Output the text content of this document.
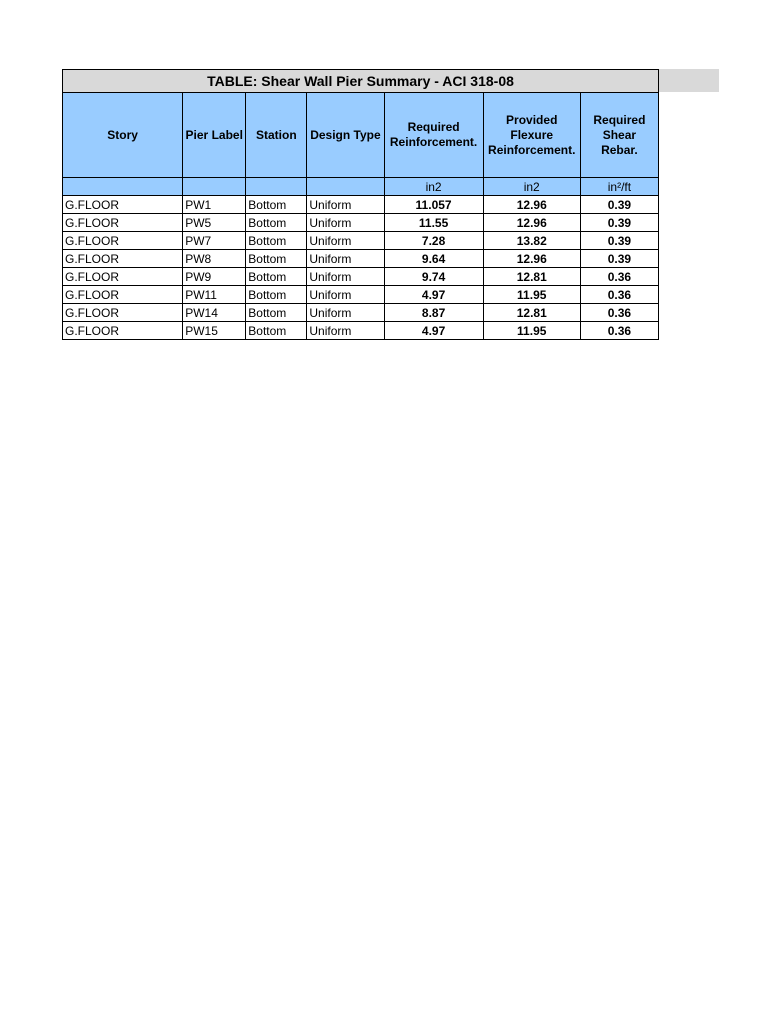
TABLE: Shear Wall Pier Summary - ACI 318-08
Story	Pier Label	Station	Design Type	Required Reinforcement.	Provided Flexure Reinforcement.	Required Shear Rebar.
				in2	in2	in²/ft
G.FLOOR	PW1	Bottom	Uniform	11.057	12.96	0.39
G.FLOOR	PW5	Bottom	Uniform	11.55	12.96	0.39
G.FLOOR	PW7	Bottom	Uniform	7.28	13.82	0.39
G.FLOOR	PW8	Bottom	Uniform	9.64	12.96	0.39
G.FLOOR	PW9	Bottom	Uniform	9.74	12.81	0.36
G.FLOOR	PW11	Bottom	Uniform	4.97	11.95	0.36
G.FLOOR	PW14	Bottom	Uniform	8.87	12.81	0.36
G.FLOOR	PW15	Bottom	Uniform	4.97	11.95	0.36
